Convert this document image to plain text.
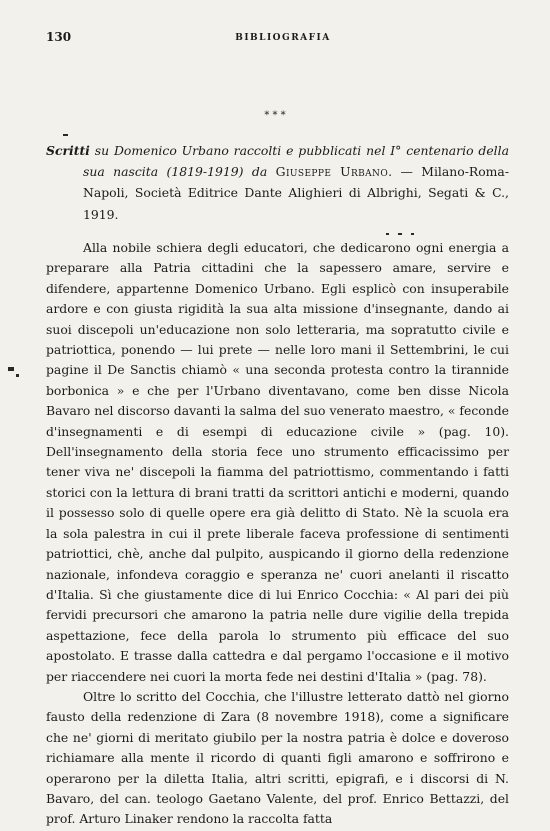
130	BIBLIOGRAFIA
* * *
Scritti su Domenico Urbano raccolti e pubblicati nel I° centenario della sua nascita (1819-1919) da Giuseppe Urbano. — Milano-Roma-Napoli, Società Editrice Dante Alighieri di Albrighi, Segati & C., 1919.

Alla nobile schiera degli educatori, che dedicarono ogni energia a preparare alla Patria cittadini che la sapessero amare, servire e difendere, appartenne Domenico Urbano. Egli esplicò con insuperabile ardore e con giusta rigidità la sua alta missione d'insegnante, dando ai suoi discepoli un'educazione non solo letteraria, ma sopratutto civile e patriottica, ponendo — lui prete — nelle loro mani il Settembrini, le cui pagine il De Sanctis chiamò « una seconda protesta contro la tirannide borbonica » e che per l'Urbano diventavano, come ben disse Nicola Bavaro nel discorso davanti la salma del suo venerato maestro, « feconde d'insegnamenti e di esempi di educazione civile » (pag. 10). Dell'insegnamento della storia fece uno strumento efficacissimo per tener viva ne' discepoli la fiamma del patriottismo, commentando i fatti storici con la lettura di brani tratti da scrittori antichi e moderni, quando il possesso solo di quelle opere era già delitto di Stato. Nè la scuola era la sola palestra in cui il prete liberale faceva professione di sentimenti patriottici, chè, anche dal pulpito, auspicando il giorno della redenzione nazionale, infondeva coraggio e speranza ne' cuori anelanti il riscatto d'Italia. Sì che giustamente dice di lui Enrico Cocchia: « Al pari dei più fervidi precursori che amarono la patria nelle dure vigilie della trepida aspettazione, fece della parola lo strumento più efficace del suo apostolato. E trasse dalla cattedra e dal pergamo l'occasione e il motivo per riaccendere nei cuori la morta fede nei destini d'Italia » (pag. 78).

Oltre lo scritto del Cocchia, che l'illustre letterato dattò nel giorno fausto della redenzione di Zara (8 novembre 1918), come a significare che ne' giorni di meritato giubilo per la nostra patria è dolce e doveroso richiamare alla mente il ricordo di quanti figli amarono e soffrirono e operarono per la diletta Italia, altri scritti, epigrafi, e i discorsi di N. Bavaro, del can. teologo Gaetano Valente, del prof. Enrico Bettazzi, del prof. Arturo Linaker rendono la raccolta fatta
